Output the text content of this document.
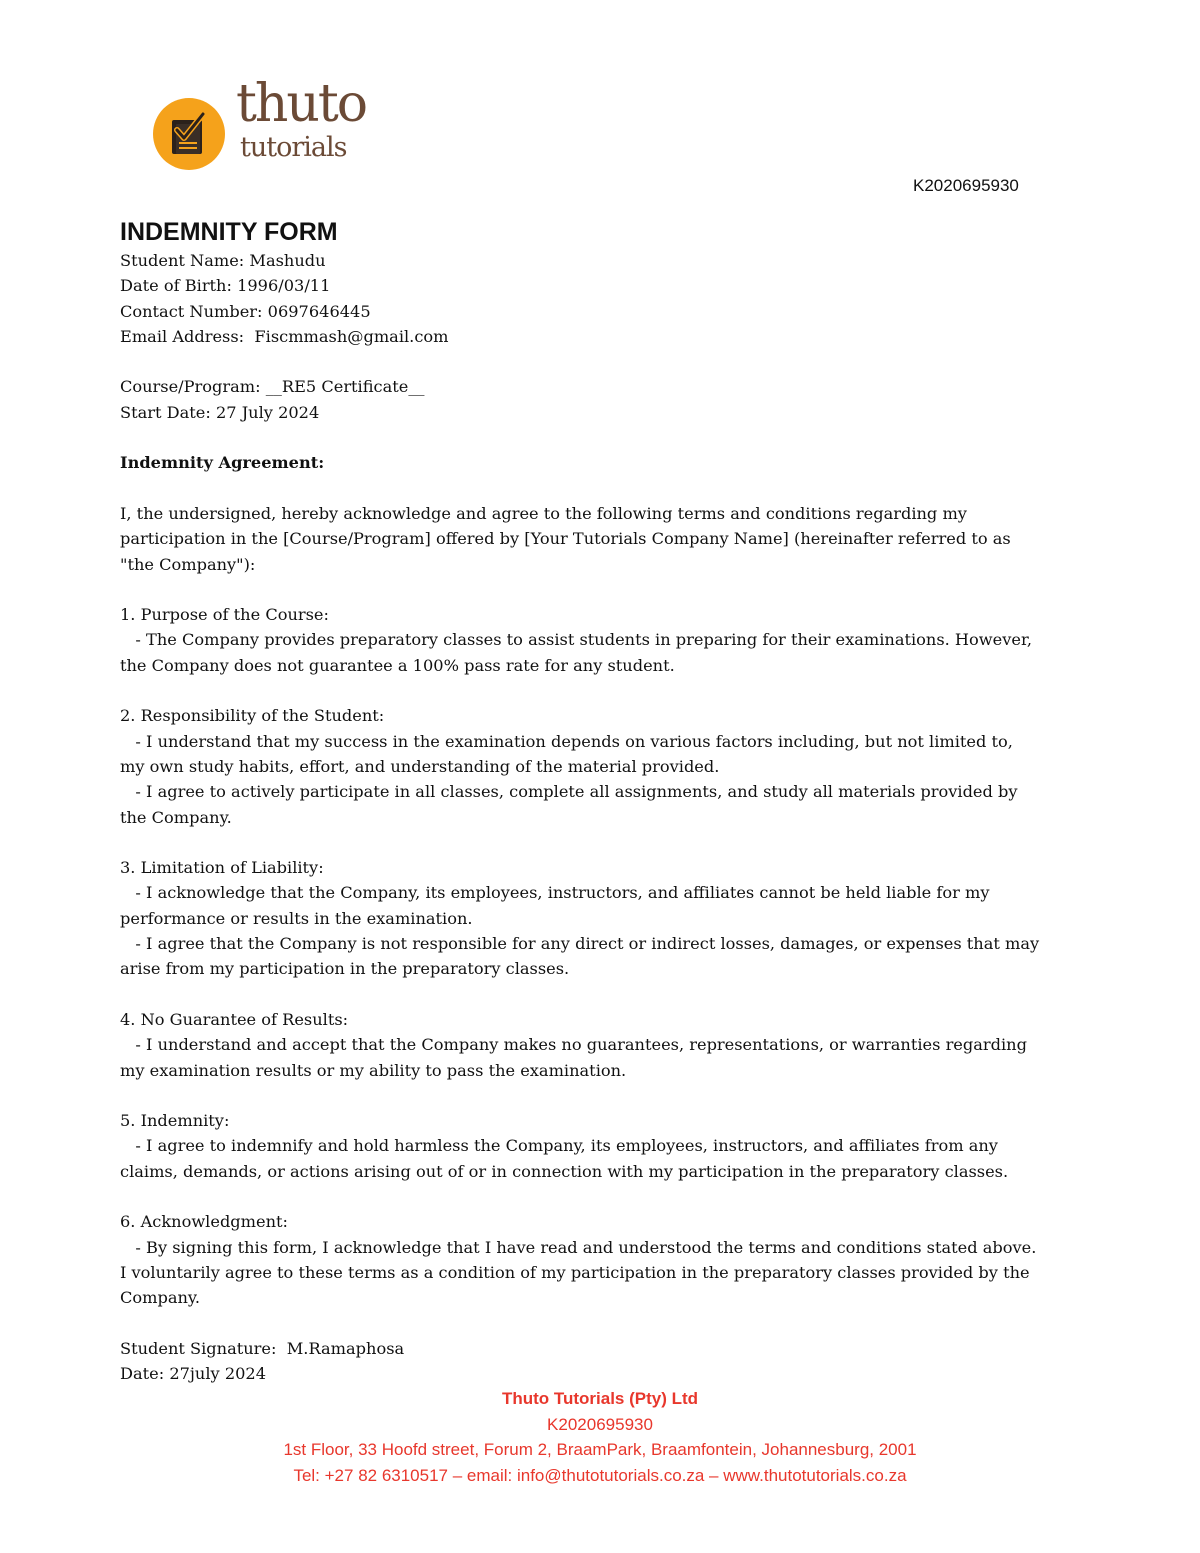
thuto
tutorials
K2020695930
INDEMNITY FORM
Student Name: Mashudu
Date of Birth: 1996/03/11
Contact Number: 0697646445
Email Address:  Fiscmmash@gmail.com
Course/Program: __RE5 Certificate__
Start Date: 27 July 2024
Indemnity Agreement:
I, the undersigned, hereby acknowledge and agree to the following terms and conditions regarding my
participation in the [Course/Program] offered by [Your Tutorials Company Name] (hereinafter referred to as
"the Company"):
1. Purpose of the Course:
- The Company provides preparatory classes to assist students in preparing for their examinations. However,
the Company does not guarantee a 100% pass rate for any student.
2. Responsibility of the Student:
- I understand that my success in the examination depends on various factors including, but not limited to,
my own study habits, effort, and understanding of the material provided.
- I agree to actively participate in all classes, complete all assignments, and study all materials provided by
the Company.
3. Limitation of Liability:
- I acknowledge that the Company, its employees, instructors, and affiliates cannot be held liable for my
performance or results in the examination.
- I agree that the Company is not responsible for any direct or indirect losses, damages, or expenses that may
arise from my participation in the preparatory classes.
4. No Guarantee of Results:
- I understand and accept that the Company makes no guarantees, representations, or warranties regarding
my examination results or my ability to pass the examination.
5. Indemnity:
- I agree to indemnify and hold harmless the Company, its employees, instructors, and affiliates from any
claims, demands, or actions arising out of or in connection with my participation in the preparatory classes.
6. Acknowledgment:
- By signing this form, I acknowledge that I have read and understood the terms and conditions stated above.
I voluntarily agree to these terms as a condition of my participation in the preparatory classes provided by the
Company.
Student Signature:  M.Ramaphosa
Date: 27july 2024
Thuto Tutorials (Pty) Ltd
K2020695930
1st Floor, 33 Hoofd street, Forum 2, BraamPark, Braamfontein, Johannesburg, 2001
Tel: +27 82 6310517 – email: info@thutotutorials.co.za – www.thutotutorials.co.za
